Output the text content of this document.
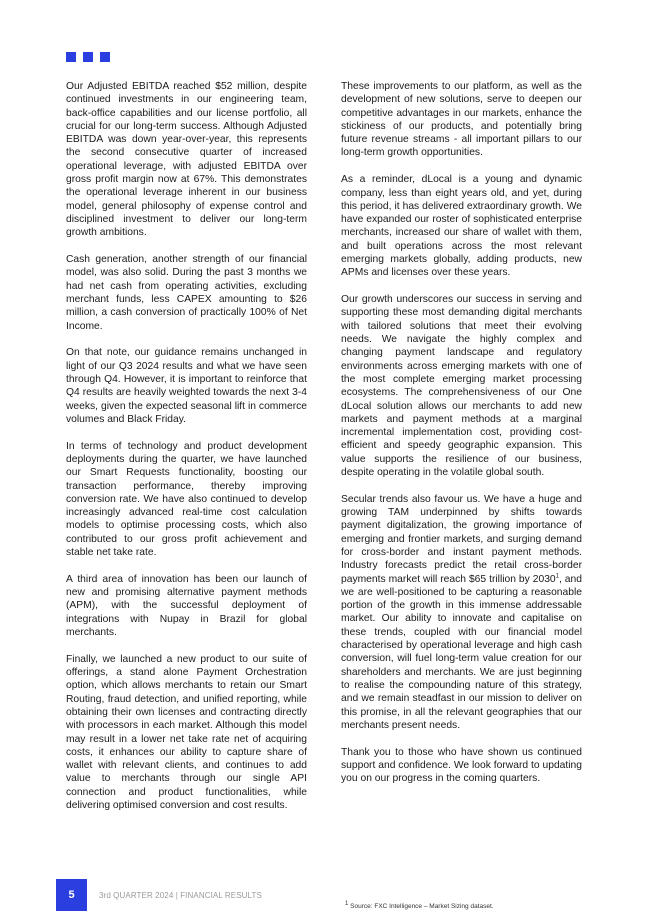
Our Adjusted EBITDA reached $52 million, despite continued investments in our engineering team, back-office capabilities and our license portfolio, all crucial for our long-term success. Although Adjusted EBITDA was down year-over-year, this represents the second consecutive quarter of increased operational leverage, with adjusted EBITDA over gross profit margin now at 67%. This demonstrates the operational leverage inherent in our business model, general philosophy of expense control and disciplined investment to deliver our long-term growth ambitions.

Cash generation, another strength of our financial model, was also solid. During the past 3 months we had net cash from operating activities, excluding merchant funds, less CAPEX amounting to $26 million, a cash conversion of practically 100% of Net Income.

On that note, our guidance remains unchanged in light of our Q3 2024 results and what we have seen through Q4. However, it is important to reinforce that Q4 results are heavily weighted towards the next 3-4 weeks, given the expected seasonal lift in commerce volumes and Black Friday.

In terms of technology and product development deployments during the quarter, we have launched our Smart Requests functionality, boosting our transaction performance, thereby improving conversion rate. We have also continued to develop increasingly advanced real-time cost calculation models to optimise processing costs, which also contributed to our gross profit achievement and stable net take rate.

A third area of innovation has been our launch of new and promising alternative payment methods (APM), with the successful deployment of integrations with Nupay in Brazil for global merchants.

Finally, we launched a new product to our suite of offerings, a stand alone Payment Orchestration option, which allows merchants to retain our Smart Routing, fraud detection, and unified reporting, while obtaining their own licenses and contracting directly with processors in each market. Although this model may result in a lower net take rate net of acquiring costs, it enhances our ability to capture share of wallet with relevant clients, and continues to add value to merchants through our single API connection and product functionalities, while delivering optimised conversion and cost results.

These improvements to our platform, as well as the development of new solutions, serve to deepen our competitive advantages in our markets, enhance the stickiness of our products, and potentially bring future revenue streams - all important pillars to our long-term growth opportunities.

As a reminder, dLocal is a young and dynamic company, less than eight years old, and yet, during this period, it has delivered extraordinary growth. We have expanded our roster of sophisticated enterprise merchants, increased our share of wallet with them, and built operations across the most relevant emerging markets globally, adding products, new APMs and licenses over these years.

Our growth underscores our success in serving and supporting these most demanding digital merchants with tailored solutions that meet their evolving needs. We navigate the highly complex and changing payment landscape and regulatory environments across emerging markets with one of the most complete emerging market processing ecosystems. The comprehensiveness of our One dLocal solution allows our merchants to add new markets and payment methods at a marginal incremental implementation cost, providing cost-efficient and speedy geographic expansion. This value supports the resilience of our business, despite operating in the volatile global south.

Secular trends also favour us. We have a huge and growing TAM underpinned by shifts towards payment digitalization, the growing importance of emerging and frontier markets, and surging demand for cross-border and instant payment methods. Industry forecasts predict the retail cross-border payments market will reach $65 trillion by 2030$^1$, and we are well-positioned to be capturing a reasonable portion of the growth in this immense addressable market. Our ability to innovate and capitalise on these trends, coupled with our financial model characterised by operational leverage and high cash conversion, will fuel long-term value creation for our shareholders and merchants. We are just beginning to realise the compounding nature of this strategy, and we remain steadfast in our mission to deliver on this promise, in all the relevant geographies that our merchants present needs.

Thank you to those who have shown us continued support and confidence. We look forward to updating you on our progress in the coming quarters.

5	3rd QUARTER 2024 | FINANCIAL RESULTS
$^1$ Source: FXC Intelligence – Market Sizing dataset.
